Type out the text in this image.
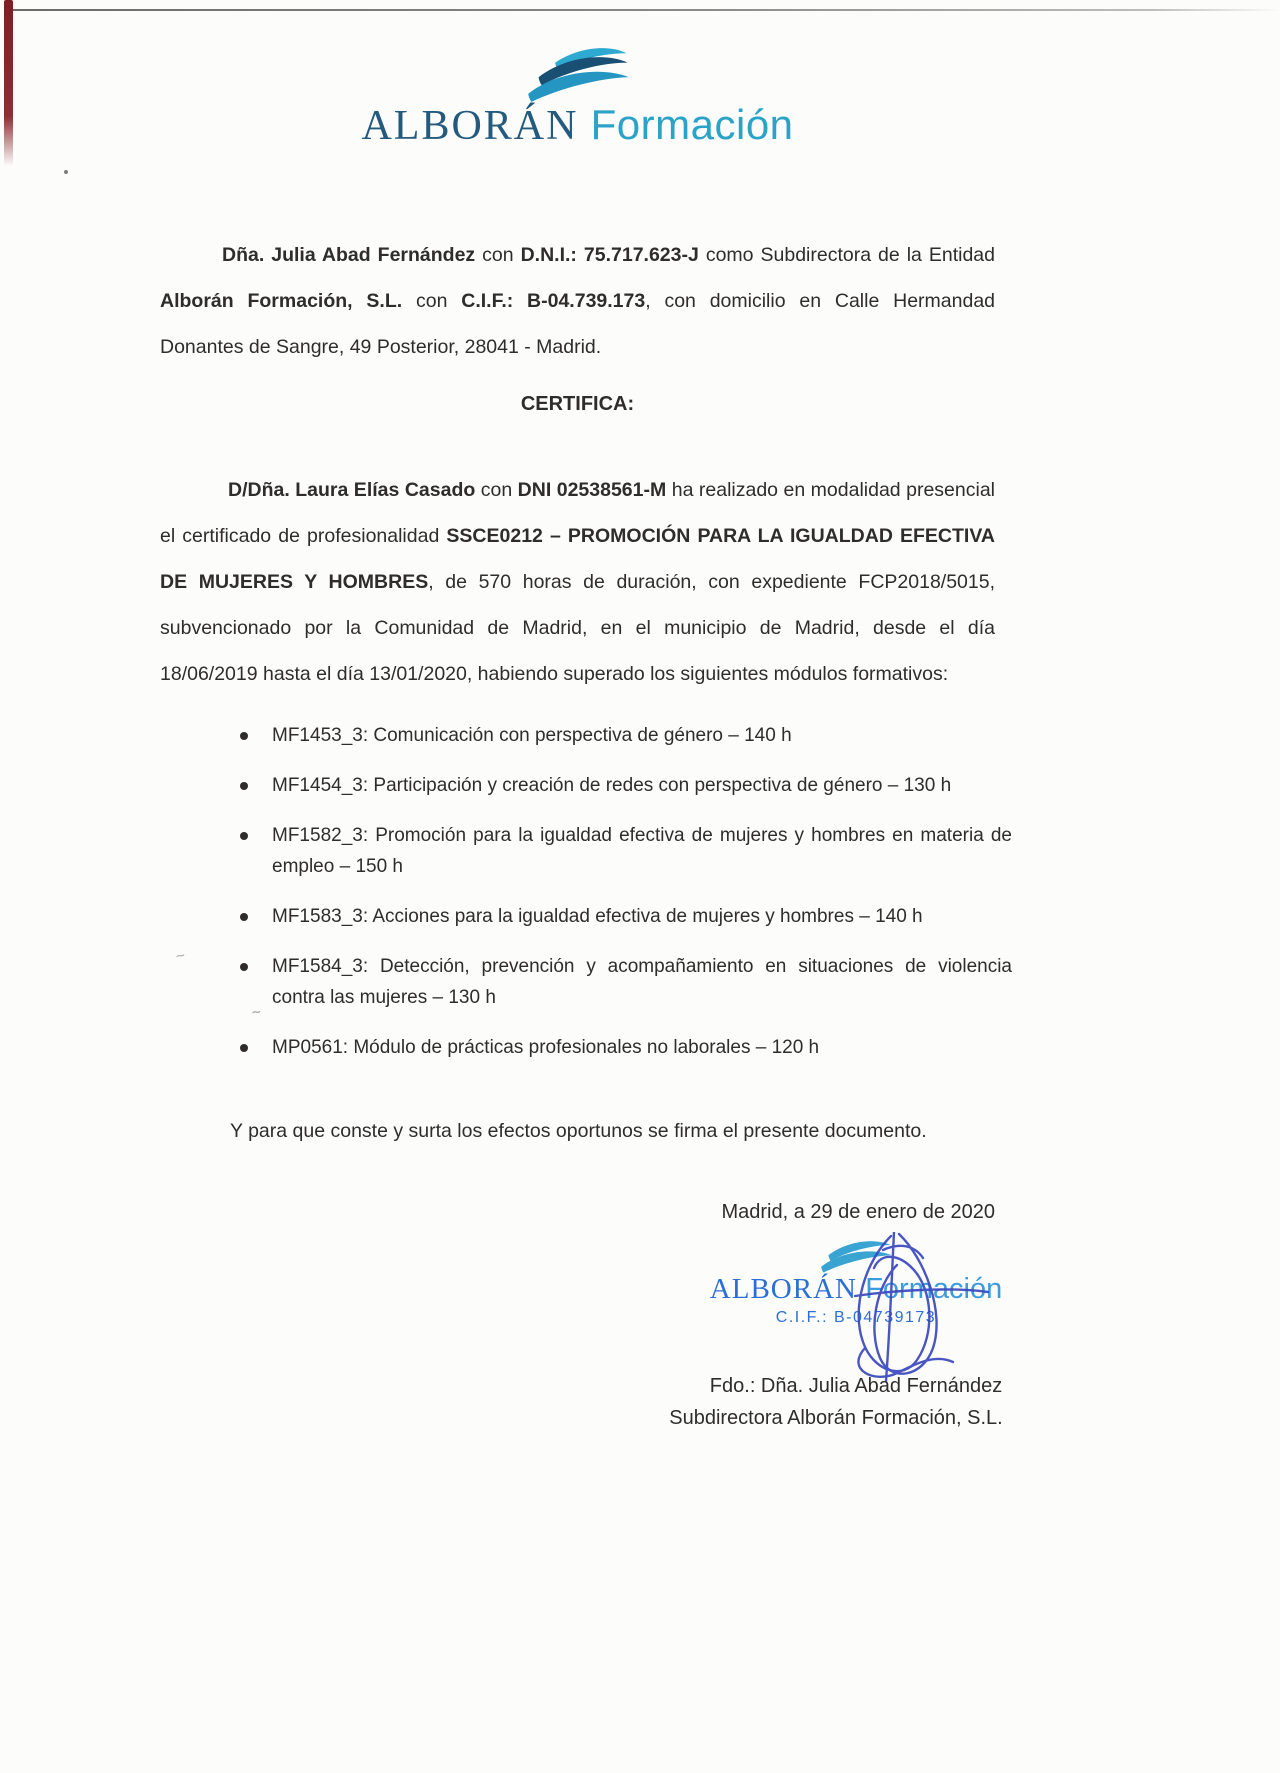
~
~
ALBORÁN Formación

Dña. Julia Abad Fernández con D.N.I.: 75.717.623-J como Subdirectora de la Entidad Alborán Formación, S.L. con C.I.F.: B-04.739.173, con domicilio en Calle Hermandad Donantes de Sangre, 49 Posterior, 28041 - Madrid.

CERTIFICA:

D/Dña. Laura Elías Casado con DNI 02538561-M ha realizado en modalidad presencial el certificado de profesionalidad SSCE0212 – PROMOCIÓN PARA LA IGUALDAD EFECTIVA DE MUJERES Y HOMBRES, de 570 horas de duración, con expediente FCP2018/5015, subvencionado por la Comunidad de Madrid, en el municipio de Madrid, desde el día 18/06/2019 hasta el día 13/01/2020, habiendo superado los siguientes módulos formativos:

MF1453_3: Comunicación con perspectiva de género – 140 h
MF1454_3: Participación y creación de redes con perspectiva de género – 130 h
MF1582_3: Promoción para la igualdad efectiva de mujeres y hombres en materia de empleo – 150 h
MF1583_3: Acciones para la igualdad efectiva de mujeres y hombres – 140 h
MF1584_3: Detección, prevención y acompañamiento en situaciones de violencia contra las mujeres – 130 h
MP0561: Módulo de prácticas profesionales no laborales – 120 h

Y para que conste y surta los efectos oportunos se firma el presente documento.

Madrid, a 29 de enero de 2020
ALBORÁN Formación
C.I.F.: B-04739173
Fdo.: Dña. Julia Abad Fernández
Subdirectora Alborán Formación, S.L.
